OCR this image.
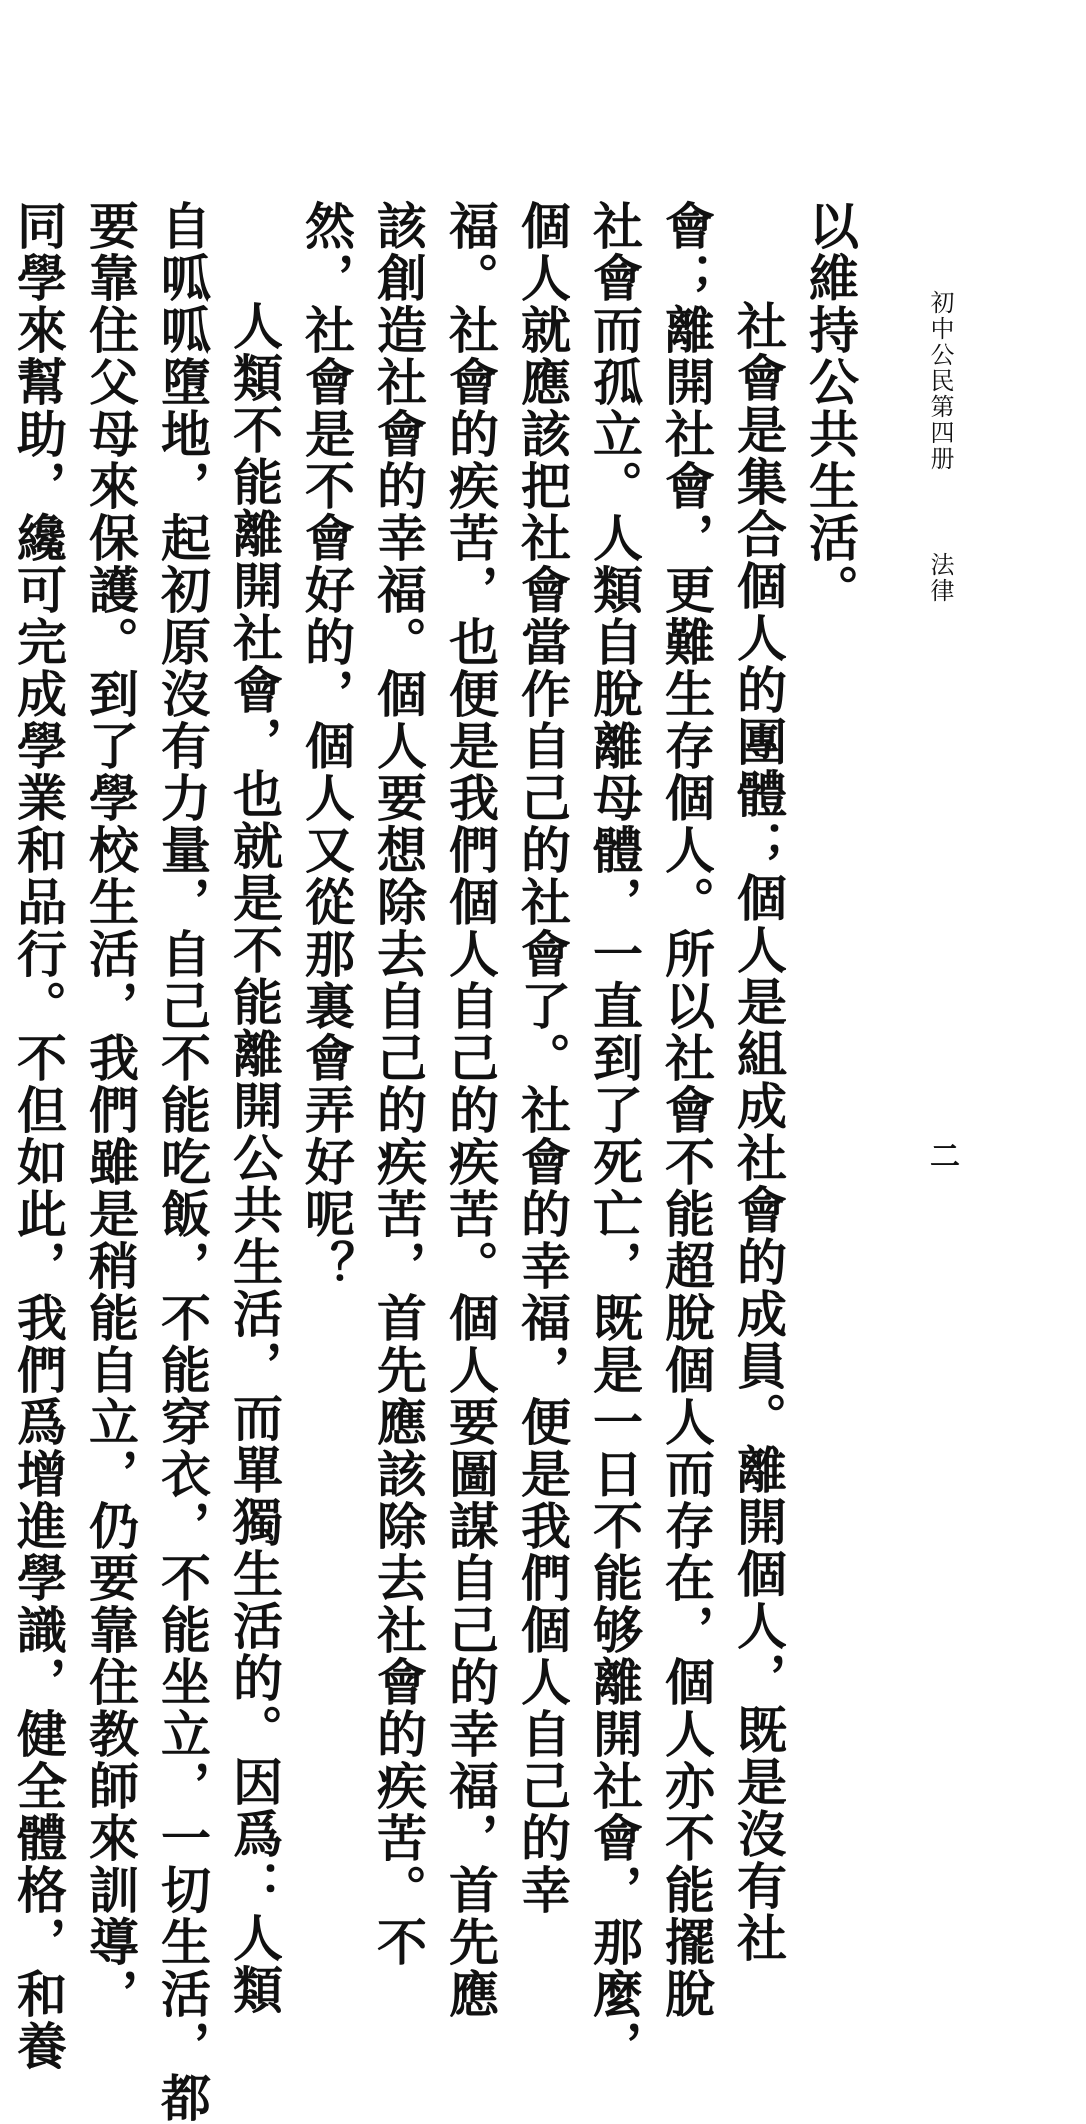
初中公民第四册 法律
二
以維持公共生活。
社會是集合個人的團體；個人是組成社會的成員。離開個人，既是沒有社
會；離開社會，更難生存個人。所以社會不能超脫個人而存在，個人亦不能擺脫
社會而孤立。人類自脫離母體，一直到了死亡，既是一日不能够離開社會，那麼，
個人就應該把社會當作自己的社會了。社會的幸福，便是我們個人自己的幸
福。社會的疾苦，也便是我們個人自己的疾苦。個人要圖謀自己的幸福，首先應
該創造社會的幸福。個人要想除去自己的疾苦，首先應該除去社會的疾苦。不
然，社會是不會好的，個人又從那裏會弄好呢？
人類不能離開社會，也就是不能離開公共生活，而單獨生活的。因爲：人類
自呱呱墮地，起初原沒有力量，自己不能吃飯，不能穿衣，不能坐立，一切生活，都
要靠住父母來保護。到了學校生活，我們雖是稍能自立，仍要靠住教師來訓導，
同學來幫助，纔可完成學業和品行。不但如此，我們爲增進學識，健全體格，和養
